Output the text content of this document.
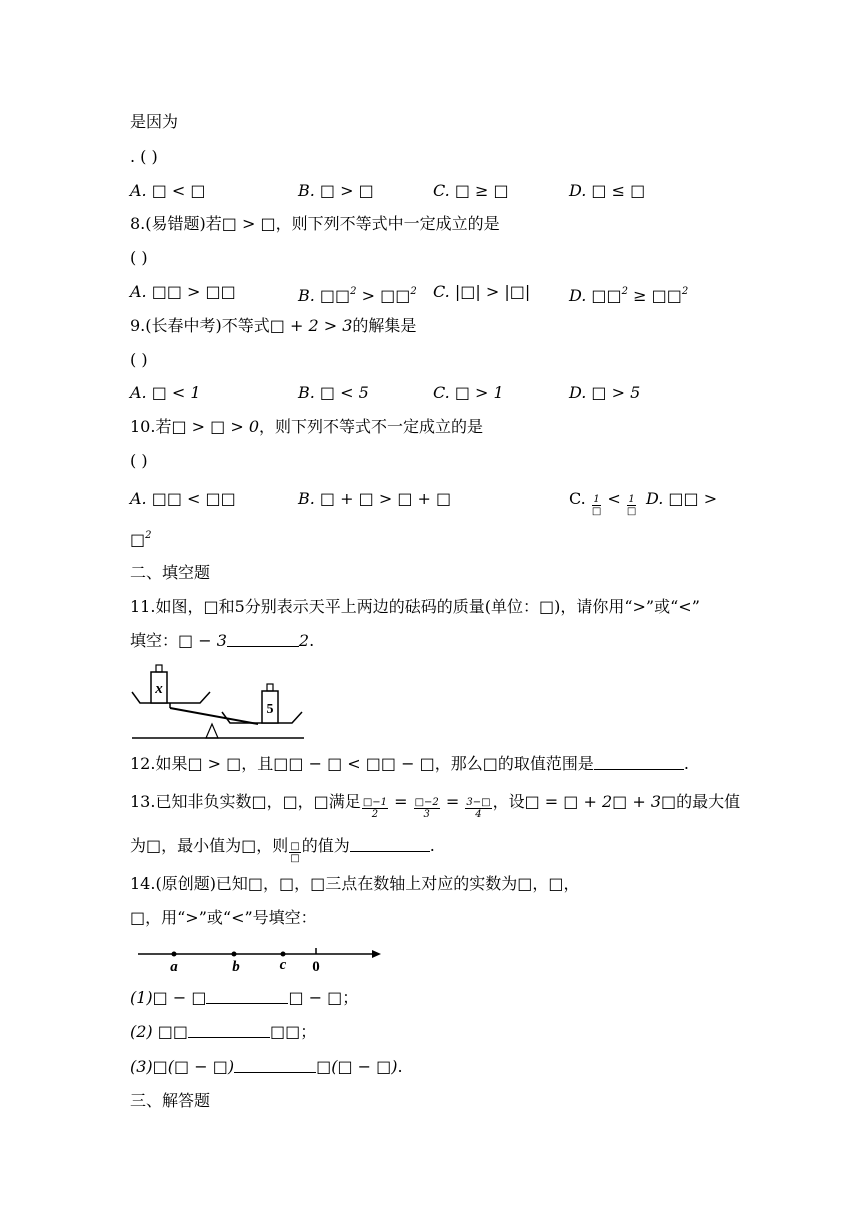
是因为
. ( )
A. □ < □	B. □ > □	C. □ ≥ □	D. □ ≤ □
8.(易错题)若□ > □，则下列不等式中一定成立的是
( )
A. □□ > □□	B. □□$^2$ > □□$^2$ C. |□| > |□| D. □□$^2$ ≥ □□$^2$
9.(长春中考)不等式□ + 2 > 3的解集是
( )
A. □ < 1	B. □ < 5	C. □ > 1	D. □ > 5
10.若□ > □ > 0，则下列不等式不一定成立的是
( )
A. □□ < □□	B. □ + □ > □ + □	C. $\frac{1}{□} < \frac{1}{□} D$. □□ >
□$^2$
二、填空题
11.如图，□和5分别表示天平上两边的砝码的质量(单位：□)，请你用“>”或“<”
填空：□ − 3	2.
x
5
12.如果□ > □，且□□ − □ < □□ − □，那么□的取值范围是	.
13.已知非负实数□，□，□满足 $\frac{□-1}{2} = \frac{□-2}{3} = \frac{3-□}{4}$ ，设□ = □ + 2□ + 3□的最大值
为□，最小值为□，则 $\frac{□}{□}$ 的值为	.
14.(原创题)已知□，□，□三点在数轴上对应的实数为□，□，
□，用“>”或“<”号填空：
a	b	c 0
(1)□ − □	□ − □；
(2) □□	□□；
(3)□(□ − □)	□(□ − □).
三、解答题
